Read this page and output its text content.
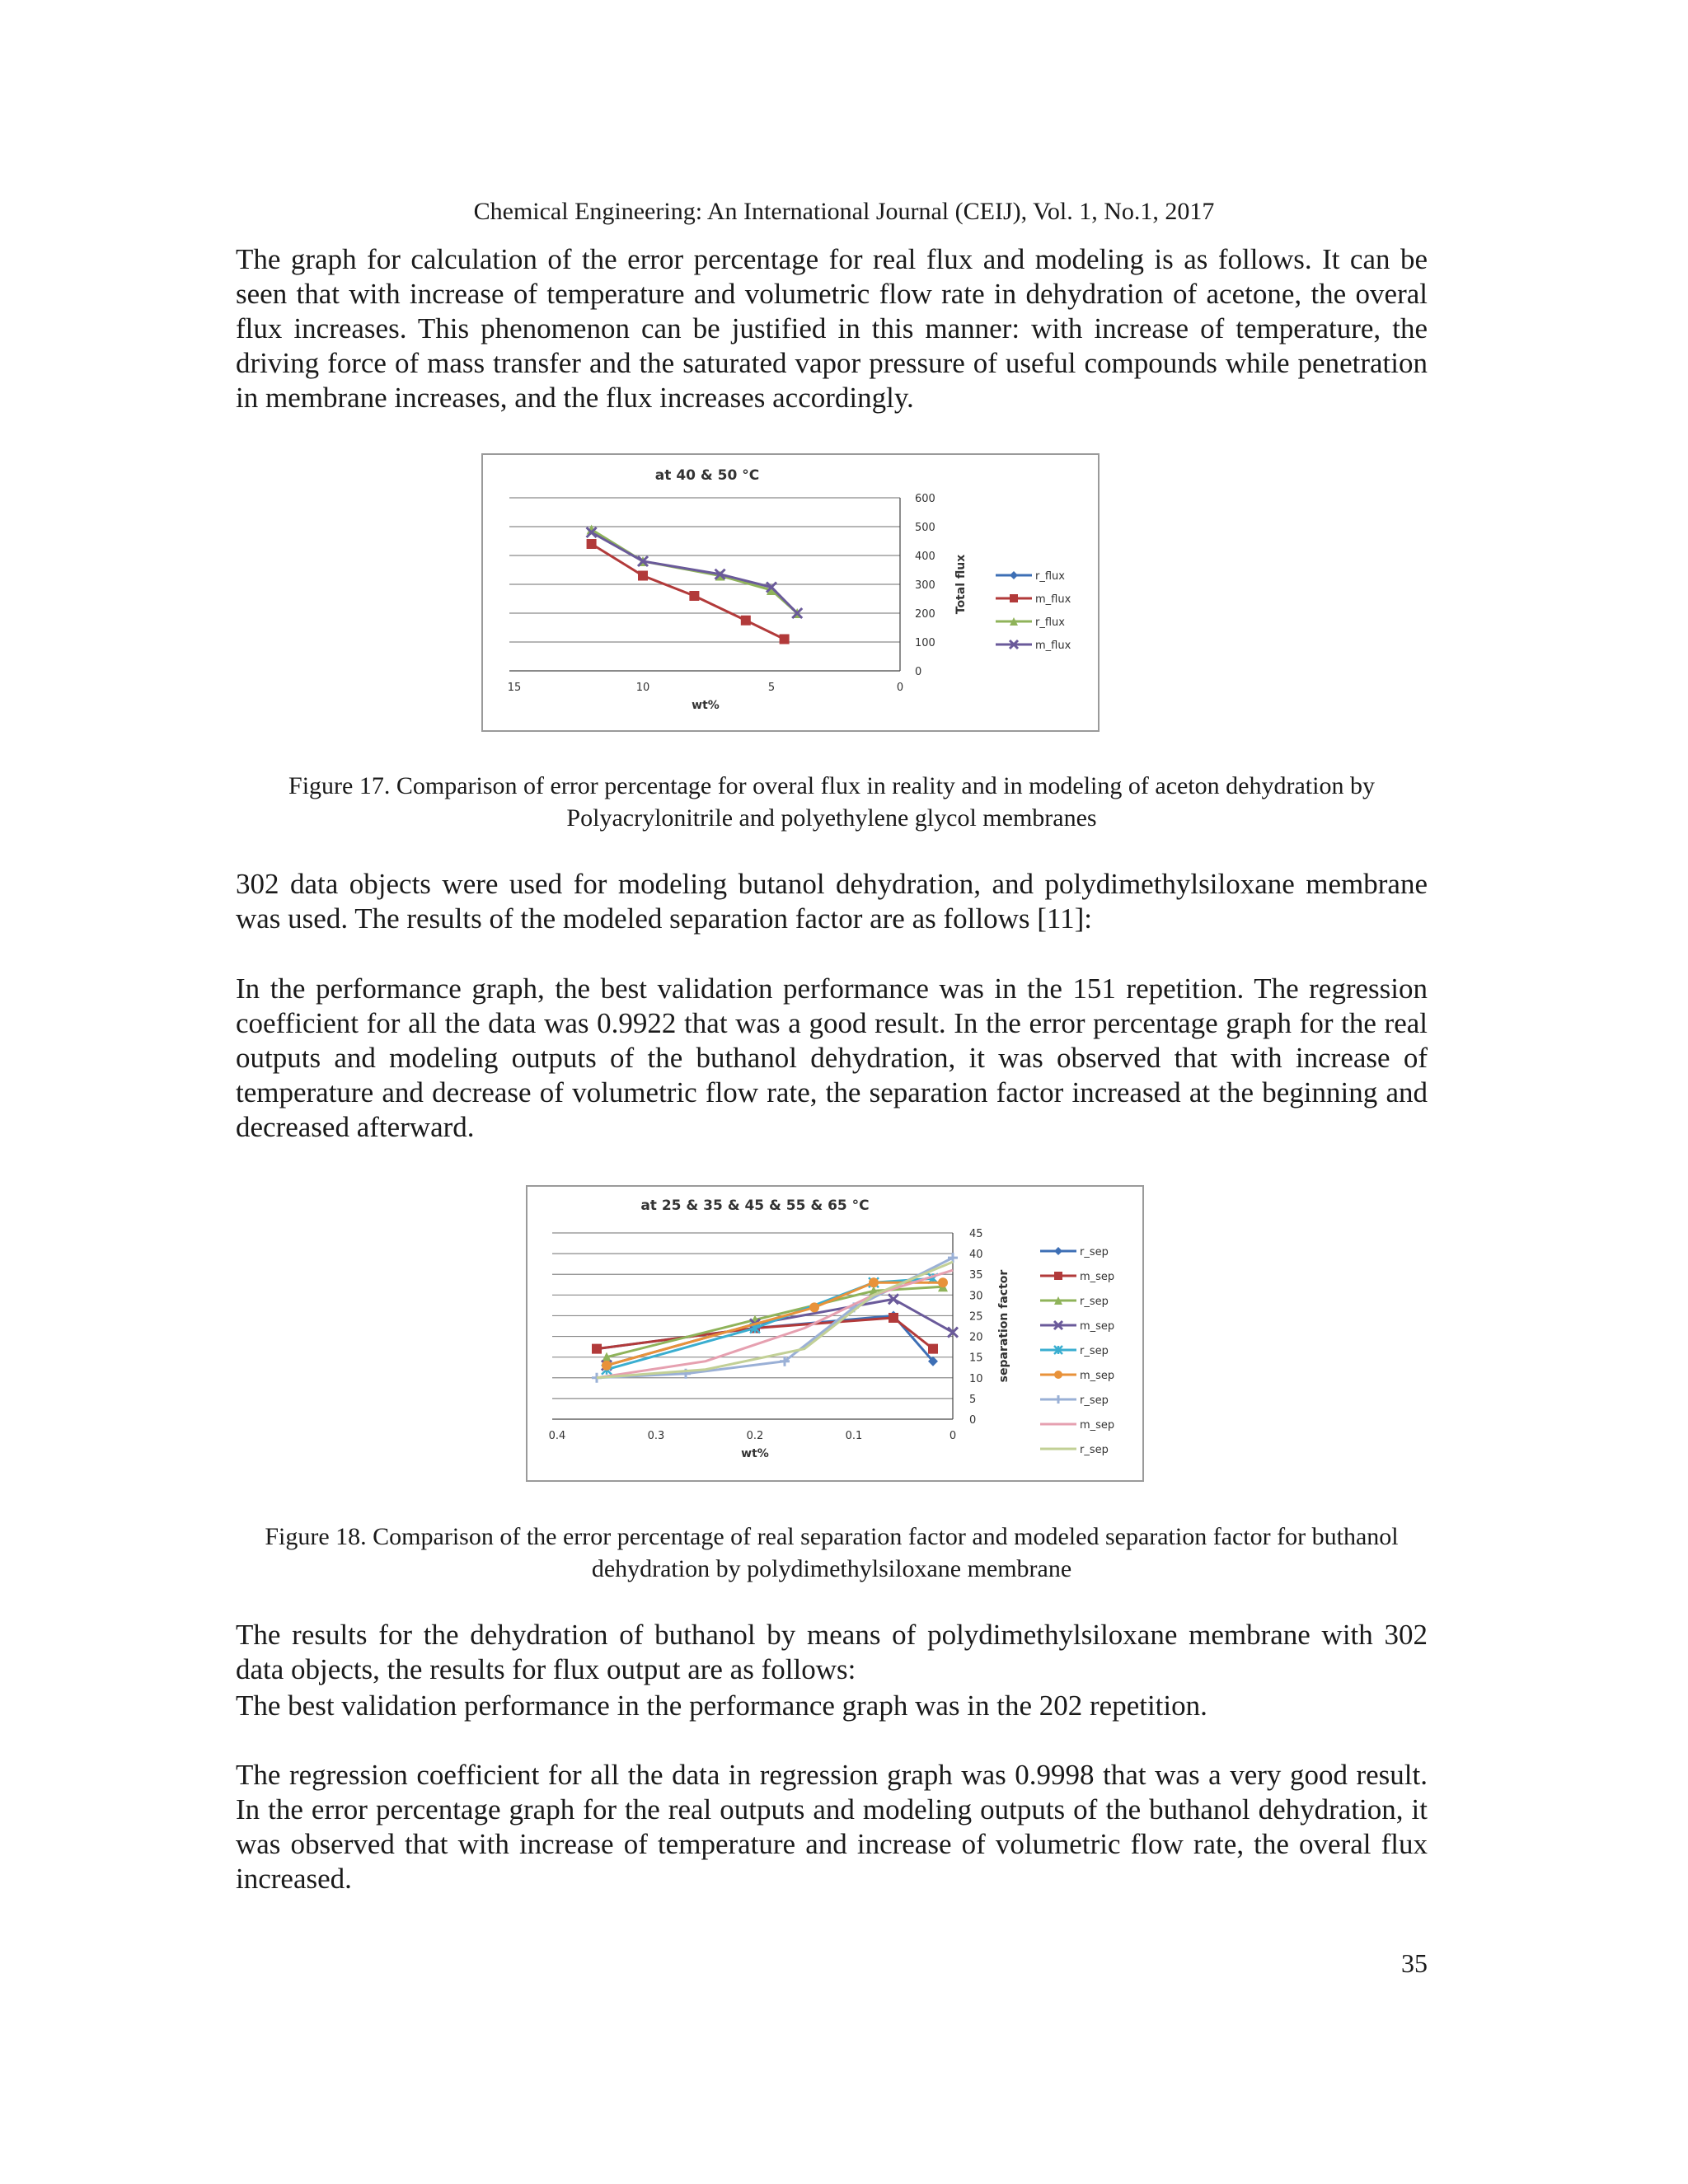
Chemical Engineering: An International Journal (CEIJ), Vol. 1, No.1, 2017

The graph for calculation of the error percentage for real flux and modeling is as follows. It can be seen that with increase of temperature and volumetric flow rate in dehydration of acetone, the overal flux increases. This phenomenon can be justified in this manner: with increase of temperature, the driving force of mass transfer and the saturated vapor pressure of useful compounds while penetration in membrane increases, and the flux increases accordingly.

at 40 & 50 °C
0
100
200
300
400
500
600
15	10	5	0
wt%
Total flux	r_flux
m_flux
r_flux
m_flux
Figure 17. Comparison of error percentage for overal flux in reality and in modeling of aceton dehydration by Polyacrylonitrile and polyethylene glycol membranes

302 data objects were used for modeling butanol dehydration, and polydimethylsiloxane membrane was used. The results of the modeled separation factor are as follows [11]:

In the performance graph, the best validation performance was in the 151 repetition. The regression coefficient for all the data was 0.9922 that was a good result. In the error percentage graph for the real outputs and modeling outputs of the buthanol dehydration, it was observed that with increase of temperature and decrease of volumetric flow rate, the separation factor increased at the beginning and decreased afterward.

at 25 & 35 & 45 & 55 & 65 °C
0
5
10
15
20
25
30
35
40
45
0.4	0.3	0.2	0.1	0
wt%
separation factor
r_sep
m_sep
r_sep
m_sep
r_sep
m_sep
r_sep
m_sep
r_sep
Figure 18. Comparison of the error percentage of real separation factor and modeled separation factor for buthanol dehydration by polydimethylsiloxane membrane

The results for the dehydration of buthanol by means of polydimethylsiloxane membrane with 302 data objects, the results for flux output are as follows:

The best validation performance in the performance graph was in the 202 repetition.

The regression coefficient for all the data in regression graph was 0.9998 that was a very good result. In the error percentage graph for the real outputs and modeling outputs of the buthanol dehydration, it was observed that with increase of temperature and increase of volumetric flow rate, the overal flux increased.

35
